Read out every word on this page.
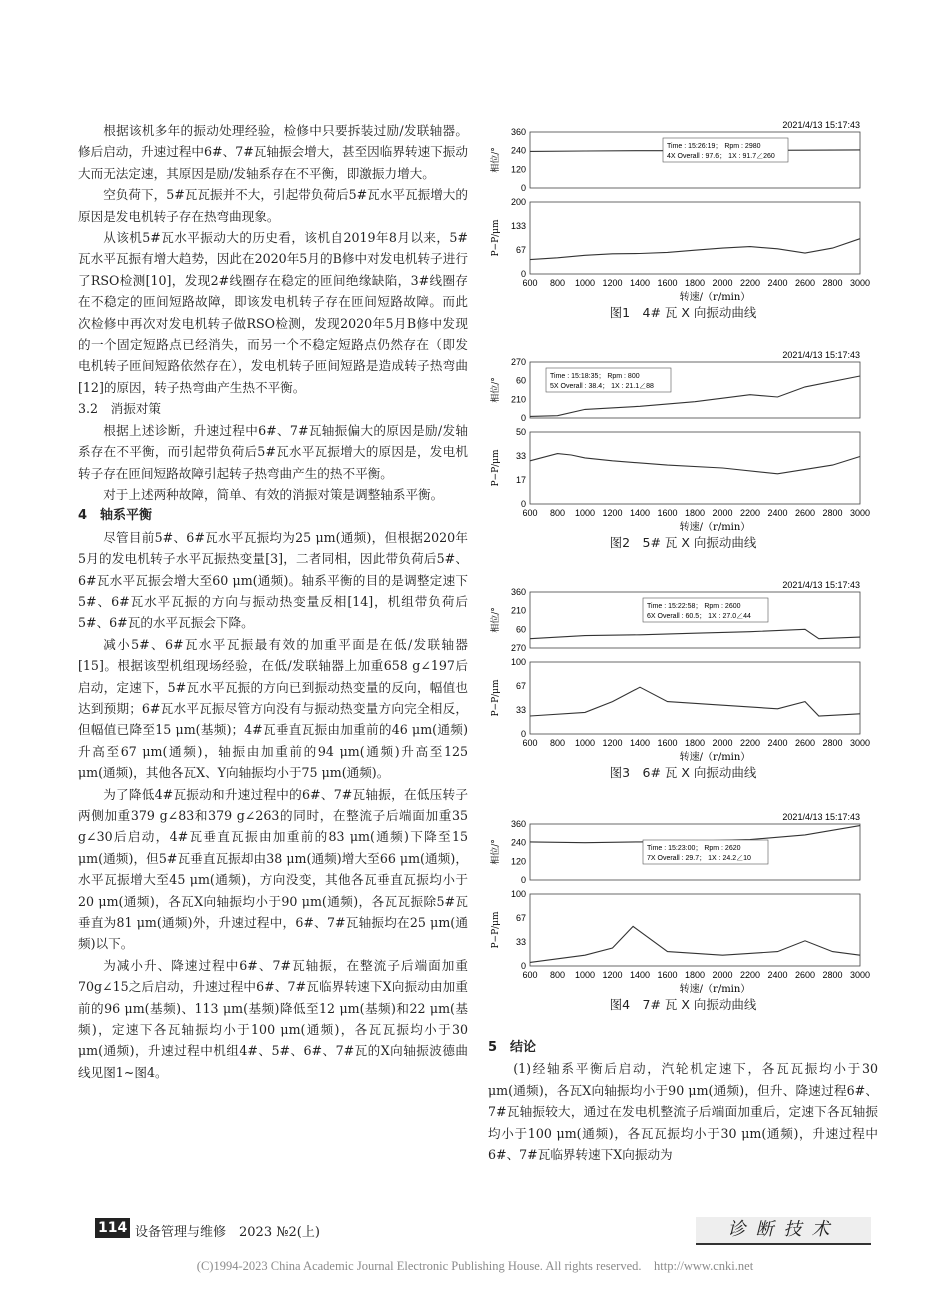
根据该机多年的振动处理经验，检修中只要拆装过励/发联轴器。修后启动，升速过程中6#、7#瓦轴振会增大，甚至因临界转速下振动大而无法定速，其原因是励/发轴系存在不平衡，即激振力增大。

空负荷下，5#瓦瓦振并不大，引起带负荷后5#瓦水平瓦振增大的原因是发电机转子存在热弯曲现象。

从该机5#瓦水平振动大的历史看，该机自2019年8月以来，5#瓦水平瓦振有增大趋势，因此在2020年5月的B修中对发电机转子进行了RSO检测[10]，发现2#线圈存在稳定的匝间绝缘缺陷，3#线圈存在不稳定的匝间短路故障，即该发电机转子存在匝间短路故障。而此次检修中再次对发电机转子做RSO检测，发现2020年5月B修中发现的一个固定短路点已经消失，而另一个不稳定短路点仍然存在（即发电机转子匝间短路依然存在），发电机转子匝间短路是造成转子热弯曲[12]的原因，转子热弯曲产生热不平衡。

3.2　消振对策

根据上述诊断，升速过程中6#、7#瓦轴振偏大的原因是励/发轴系存在不平衡，而引起带负荷后5#瓦水平瓦振增大的原因是，发电机转子存在匝间短路故障引起转子热弯曲产生的热不平衡。

对于上述两种故障，简单、有效的消振对策是调整轴系平衡。

4　轴系平衡

尽管目前5#、6#瓦水平瓦振均为25 μm(通频)，但根据2020年5月的发电机转子水平瓦振热变量[3]，二者同相，因此带负荷后5#、6#瓦水平瓦振会增大至60 μm(通频)。轴系平衡的目的是调整定速下5#、6#瓦水平瓦振的方向与振动热变量反相[14]，机组带负荷后5#、6#瓦的水平瓦振会下降。

减小5#、6#瓦水平瓦振最有效的加重平面是在低/发联轴器[15]。根据该型机组现场经验，在低/发联轴器上加重658 g∠197后启动，定速下，5#瓦水平瓦振的方向已到振动热变量的反向，幅值也达到预期；6#瓦水平瓦振尽管方向没有与振动热变量方向完全相反，但幅值已降至15 μm(基频)；4#瓦垂直瓦振由加重前的46 μm(通频)升高至67 μm(通频)，轴振由加重前的94 μm(通频)升高至125 μm(通频)，其他各瓦X、Y向轴振均小于75 μm(通频)。

为了降低4#瓦振动和升速过程中的6#、7#瓦轴振，在低压转子两侧加重379 g∠83和379 g∠263的同时，在整流子后端面加重35 g∠30后启动，4#瓦垂直瓦振由加重前的83 μm(通频)下降至15 μm(通频)，但5#瓦垂直瓦振却由38 μm(通频)增大至66 μm(通频)，水平瓦振增大至45 μm(通频)，方向没变，其他各瓦垂直瓦振均小于20 μm(通频)，各瓦X向轴振均小于90 μm(通频)，各瓦瓦振除5#瓦垂直为81 μm(通频)外，升速过程中，6#、7#瓦轴振均在25 μm(通频)以下。

为减小升、降速过程中6#、7#瓦轴振，在整流子后端面加重70g∠15之后启动，升速过程中6#、7#瓦临界转速下X向振动由加重前的96 μm(基频)、113 μm(基频)降低至12 μm(基频)和22 μm(基频)，定速下各瓦轴振均小于100 μm(通频)，各瓦瓦振均小于30 μm(通频)，升速过程中机组4#、5#、6#、7#瓦的X向轴振波德曲线见图1~图4。

2021/4/13 15:17:43
相位/°
P−P/μm
360
240
120
0
200
133
67
0
600 800 1000 1200 1400 1600 1800 2000 2200 2400 2600 2800 3000
转速/（r/min）
Time : 15:26:19； Rpm : 2980
4X Overall : 97.6； 1X : 91.7∠260
图1　4# 瓦 X 向振动曲线
2021/4/13 15:17:43
相位/°
P−P/μm
270
60
210
0
50
33
17
0
600 800 1000 1200 1400 1600 1800 2000 2200 2400 2600 2800 3000
转速/（r/min）
Time : 15:18:35； Rpm : 800
5X Overall : 38.4； 1X : 21.1∠88
图2　5# 瓦 X 向振动曲线
2021/4/13 15:17:43
相位/°
P−P/μm
360
210
60
270
100
67
33
0
600 800 1000 1200 1400 1600 1800 2000 2200 2400 2600 2800 3000
转速/（r/min）
Time : 15:22:58； Rpm : 2600
6X Overall : 60.5； 1X : 27.0∠44
图3　6# 瓦 X 向振动曲线
2021/4/13 15:17:43
相位/°
P−P/μm
360
240
120
0
100
67
33
0
600 800 1000 1200 1400 1600 1800 2000 2200 2400 2600 2800 3000
转速/（r/min）
Time : 15:23:00； Rpm : 2620
7X Overall : 29.7； 1X : 24.2∠10
图4　7# 瓦 X 向振动曲线
5　结论

(1)经轴系平衡后启动，汽轮机定速下，各瓦瓦振均小于30 μm(通频)，各瓦X向轴振均小于90 μm(通频)，但升、降速过程6#、7#瓦轴振较大，通过在发电机整流子后端面加重后，定速下各瓦轴振均小于100 μm(通频)，各瓦瓦振均小于30 μm(通频)，升速过程中6#、7#瓦临界转速下X向振动为

114 设备管理与维修　2023 №2(上)	诊断技术
(C)1994-2023 China Academic Journal Electronic Publishing House. All rights reserved.　http://www.cnki.net
